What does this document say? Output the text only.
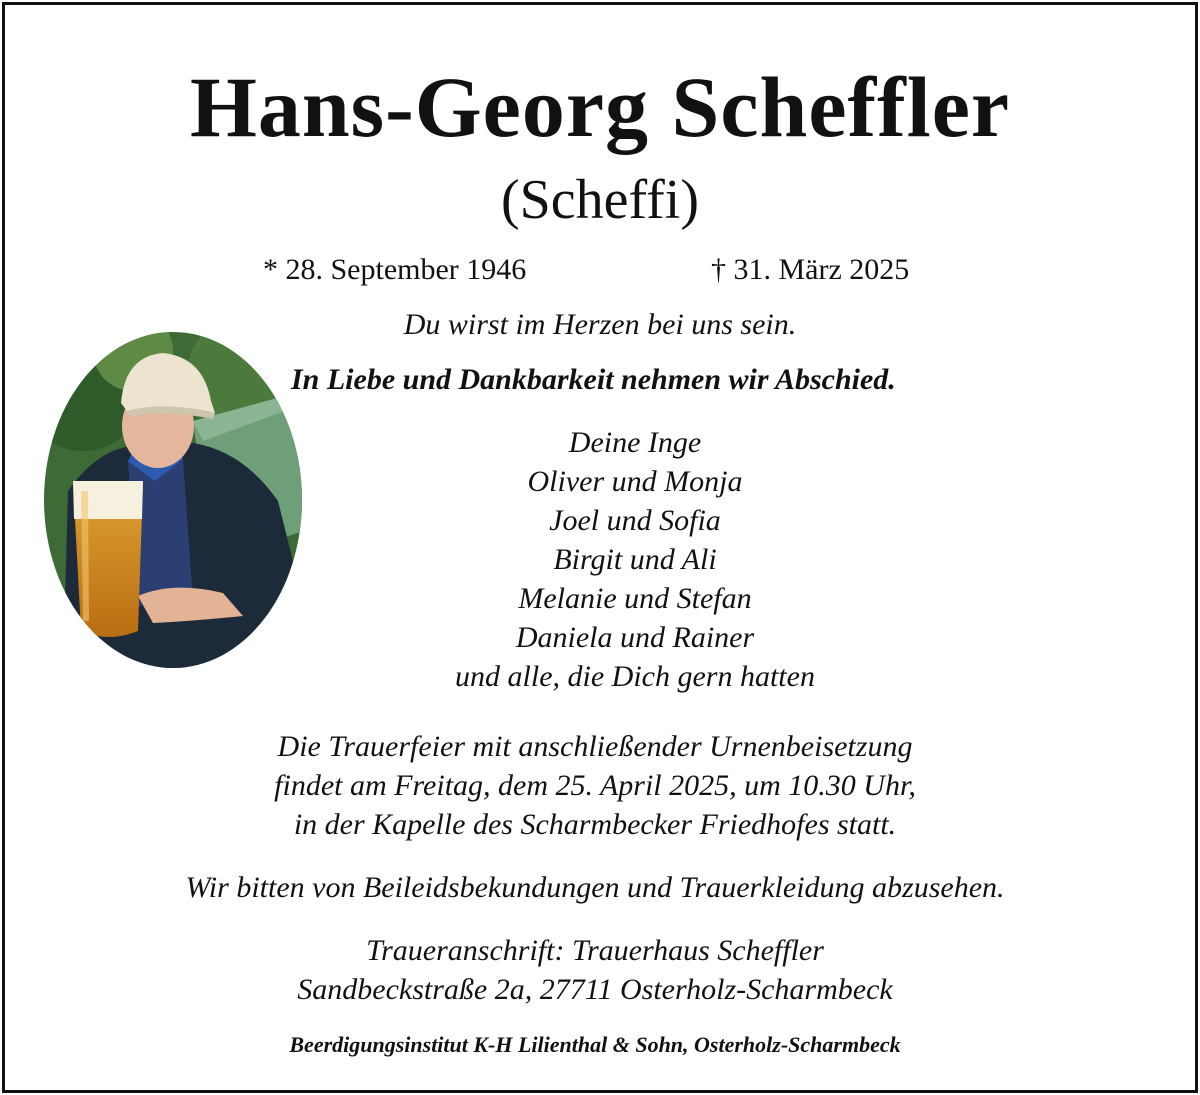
Hans-Georg Scheffler
(Scheffi)
* 28. September 1946	† 31. März 2025
Du wirst im Herzen bei uns sein.
In Liebe und Dankbarkeit nehmen wir Abschied.
Deine Inge
Oliver und Monja
Joel und Sofia
Birgit und Ali
Melanie und Stefan
Daniela und Rainer
und alle, die Dich gern hatten
Die Trauerfeier mit anschließender Urnenbeisetzung
findet am Freitag, dem 25. April 2025, um 10.30 Uhr,
in der Kapelle des Scharmbecker Friedhofes statt.
Wir bitten von Beileidsbekundungen und Trauerkleidung abzusehen.
Traueranschrift: Trauerhaus Scheffler
Sandbeckstraße 2a, 27711 Osterholz-Scharmbeck
Beerdigungsinstitut K-H Lilienthal & Sohn, Osterholz-Scharmbeck
